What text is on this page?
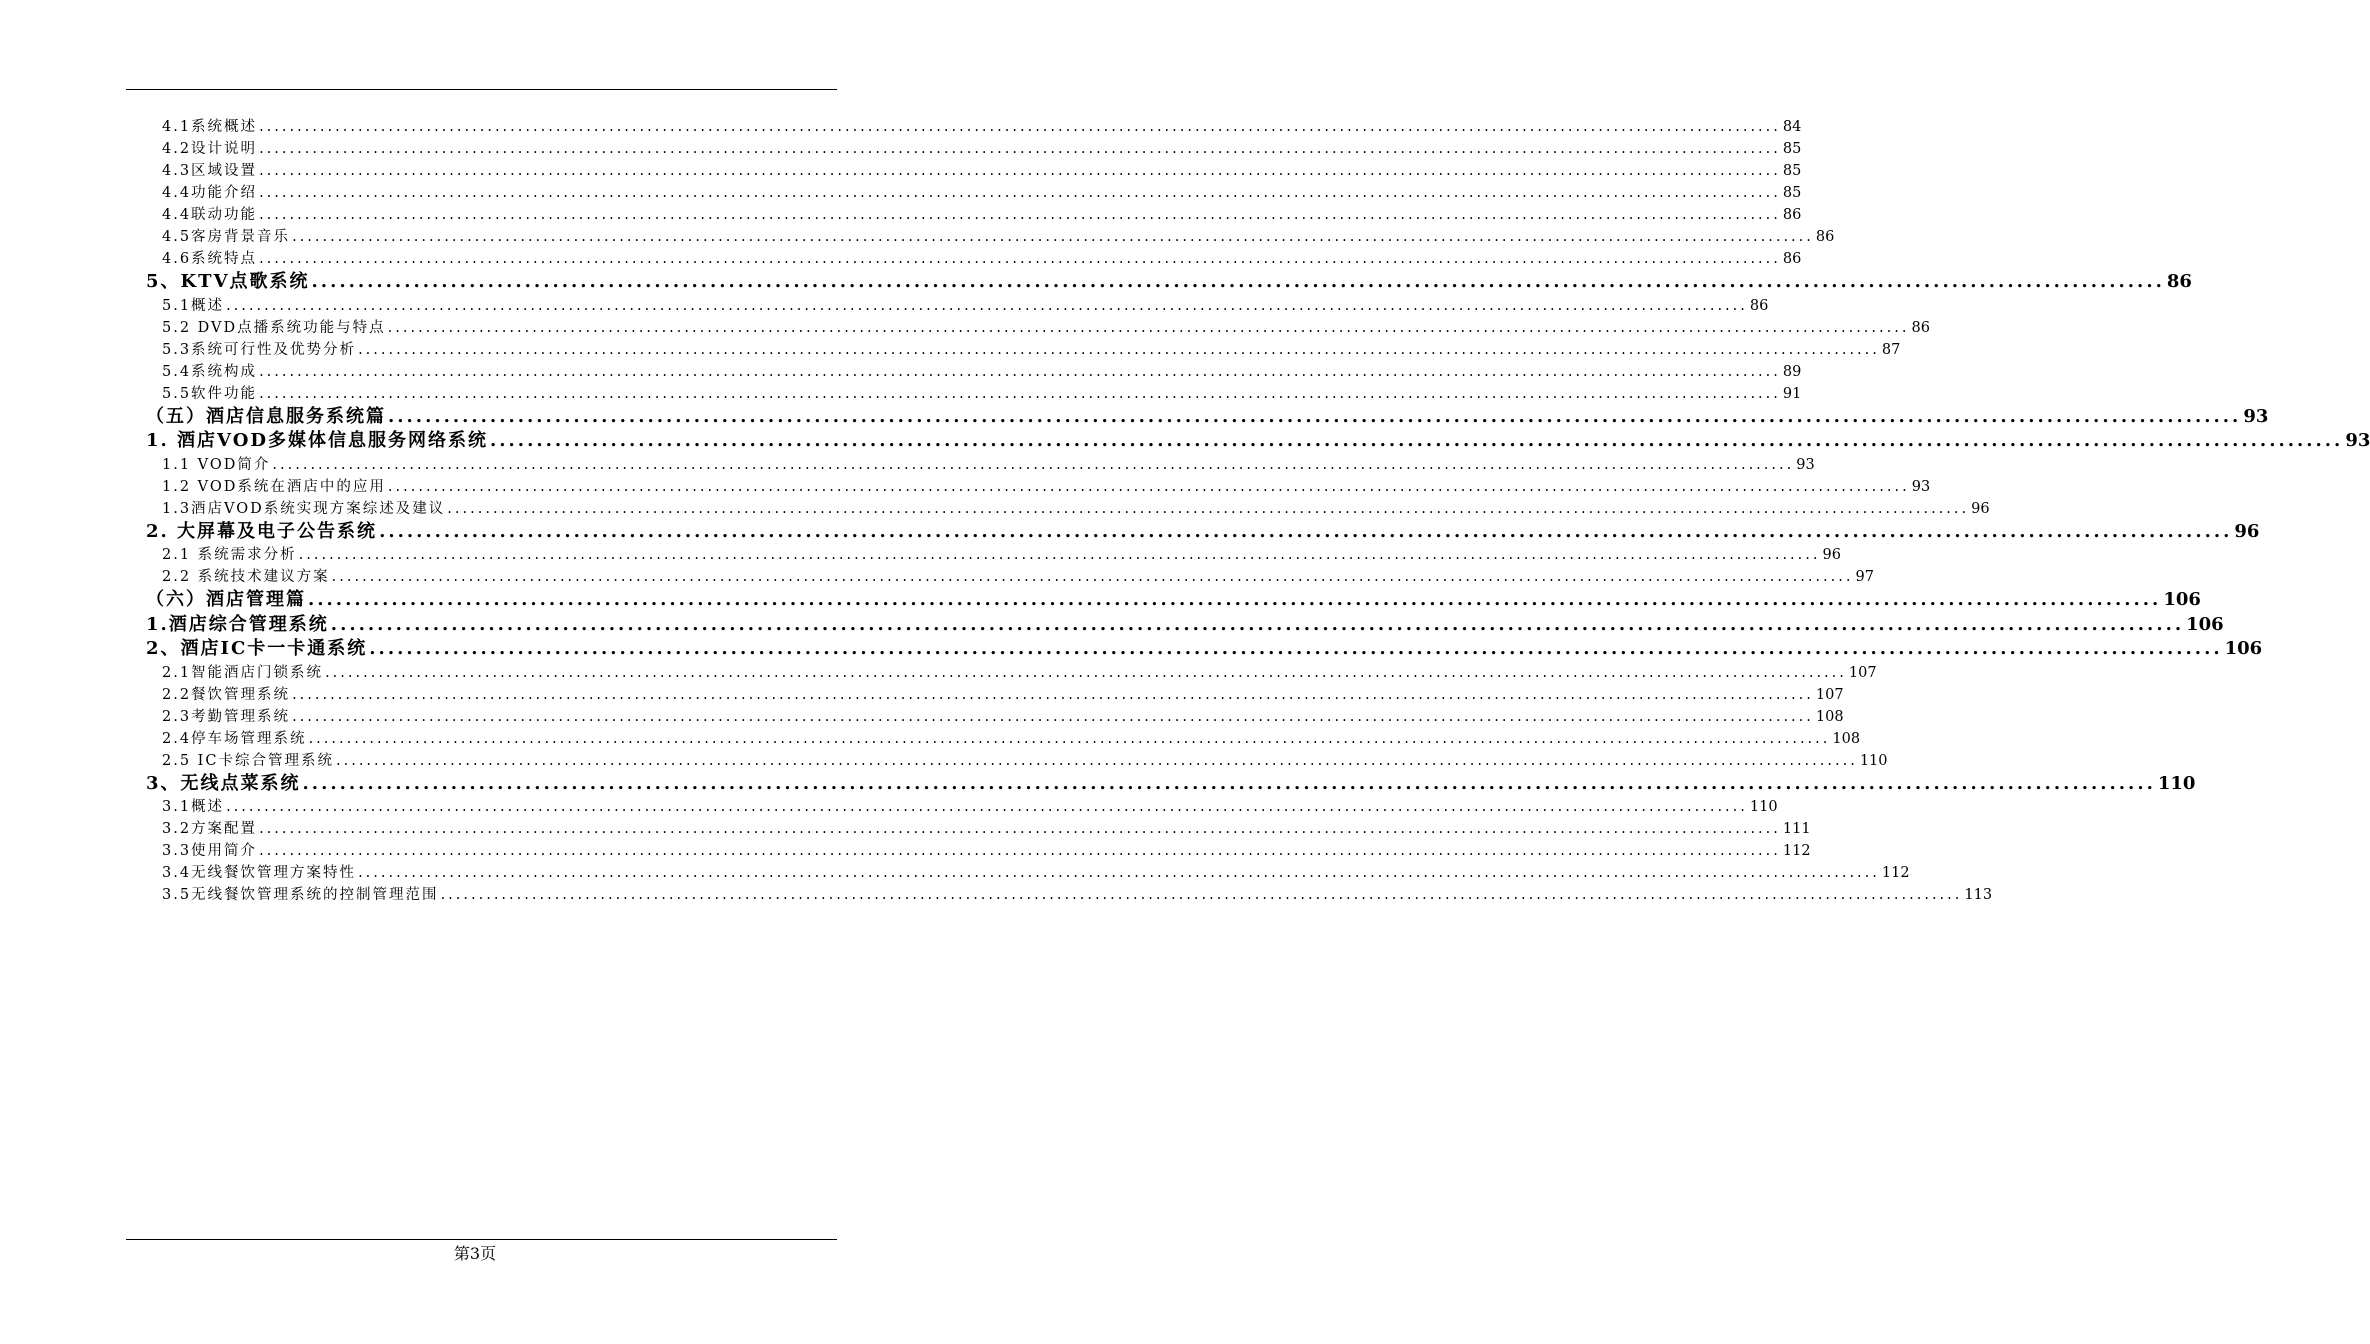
4.1系统概述 ........................................................................................................................................................................................................ 84
4.2设计说明 ........................................................................................................................................................................................................ 85
4.3区域设置 ........................................................................................................................................................................................................ 85
4.4功能介绍 ........................................................................................................................................................................................................ 85
4.4联动功能 ........................................................................................................................................................................................................ 86
4.5客房背景音乐 ........................................................................................................................................................................................................ 86
4.6系统特点 ........................................................................................................................................................................................................ 86
5、KTV点歌系统 ........................................................................................................................................................................................................ 86
5.1概述 ........................................................................................................................................................................................................ 86
5.2 DVD点播系统功能与特点 ........................................................................................................................................................................................................ 86
5.3系统可行性及优势分析 ........................................................................................................................................................................................................ 87
5.4系统构成 ........................................................................................................................................................................................................ 89
5.5软件功能 ........................................................................................................................................................................................................ 91
（五）酒店信息服务系统篇 ........................................................................................................................................................................................................ 93
1. 酒店VOD多媒体信息服务网络系统 ........................................................................................................................................................................................................ 93
1.1 VOD简介 ........................................................................................................................................................................................................ 93
1.2 VOD系统在酒店中的应用 ........................................................................................................................................................................................................ 93
1.3酒店VOD系统实现方案综述及建议 ........................................................................................................................................................................................................ 96
2. 大屏幕及电子公告系统 ........................................................................................................................................................................................................ 96
2.1 系统需求分析 ........................................................................................................................................................................................................ 96
2.2 系统技术建议方案 ........................................................................................................................................................................................................ 97
（六）酒店管理篇 ........................................................................................................................................................................................................ 106
1.酒店综合管理系统 ........................................................................................................................................................................................................ 106
2、酒店IC卡一卡通系统 ........................................................................................................................................................................................................ 106
2.1智能酒店门锁系统 ........................................................................................................................................................................................................ 107
2.2餐饮管理系统 ........................................................................................................................................................................................................ 107
2.3考勤管理系统 ........................................................................................................................................................................................................ 108
2.4停车场管理系统 ........................................................................................................................................................................................................ 108
2.5 IC卡综合管理系统 ........................................................................................................................................................................................................ 110
3、无线点菜系统 ........................................................................................................................................................................................................ 110
3.1概述 ........................................................................................................................................................................................................ 110
3.2方案配置 ........................................................................................................................................................................................................ 111
3.3使用简介 ........................................................................................................................................................................................................ 112
3.4无线餐饮管理方案特性 ........................................................................................................................................................................................................ 112
3.5无线餐饮管理系统的控制管理范围 ........................................................................................................................................................................................................ 113
第3页
